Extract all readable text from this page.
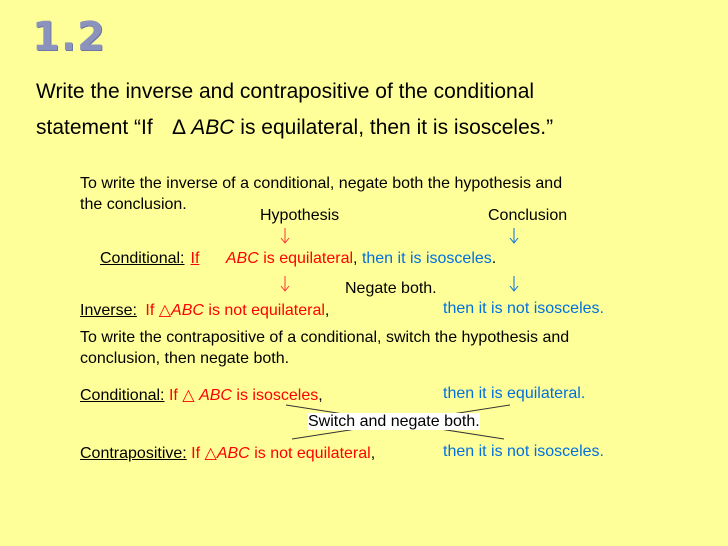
1.2
Write the inverse and contrapositive of the conditional
statement “If ∆ ABC is equilateral, then it is isosceles.”
To write the inverse of a conditional, negate both the hypothesis and
the conclusion.
Hypothesis	Conclusion
Conditional: If ABC is equilateral, then it is isosceles.
Negate both.
Inverse: If △ABC is not equilateral,	then it is not isosceles.
To write the contrapositive of a conditional, switch the hypothesis and
conclusion, then negate both.
Conditional: If △ ABC is isosceles,	then it is equilateral.
Switch and negate both.
Contrapositive: If △ABC is not equilateral,	then it is not isosceles.
